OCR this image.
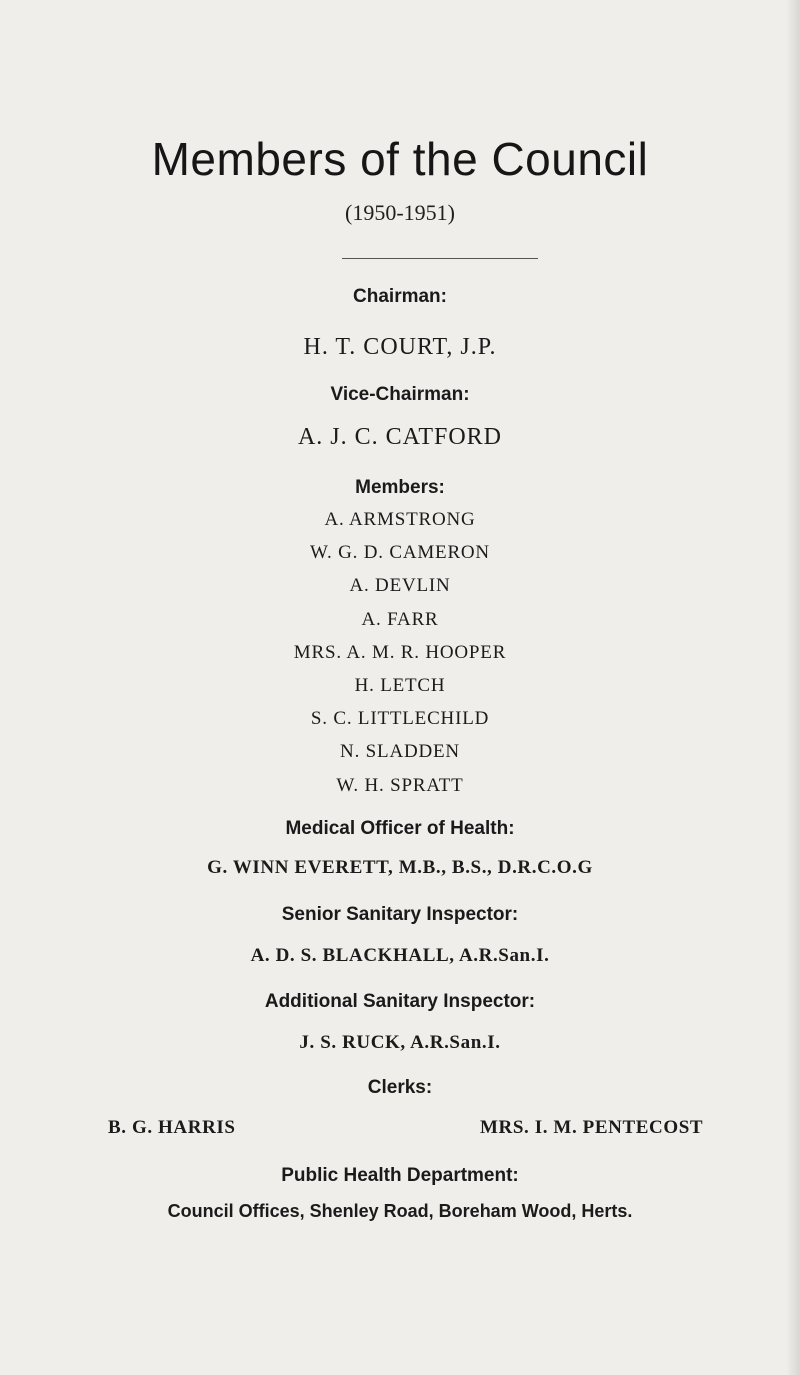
Members of the Council
(1950-1951)
Chairman:
H. T. COURT, J.P.
Vice-Chairman:
A. J. C. CATFORD
Members:
A. ARMSTRONG
W. G. D. CAMERON
A. DEVLIN
A. FARR
MRS. A. M. R. HOOPER
H. LETCH
S. C. LITTLECHILD
N. SLADDEN
W. H. SPRATT
Medical Officer of Health:
G. WINN EVERETT, M.B., B.S., D.R.C.O.G
Senior Sanitary Inspector:
A. D. S. BLACKHALL, A.R.San.I.
Additional Sanitary Inspector:
J. S. RUCK, A.R.San.I.
Clerks:
B. G. HARRIS	MRS. I. M. PENTECOST
Public Health Department:
Council Offices, Shenley Road, Boreham Wood, Herts.
